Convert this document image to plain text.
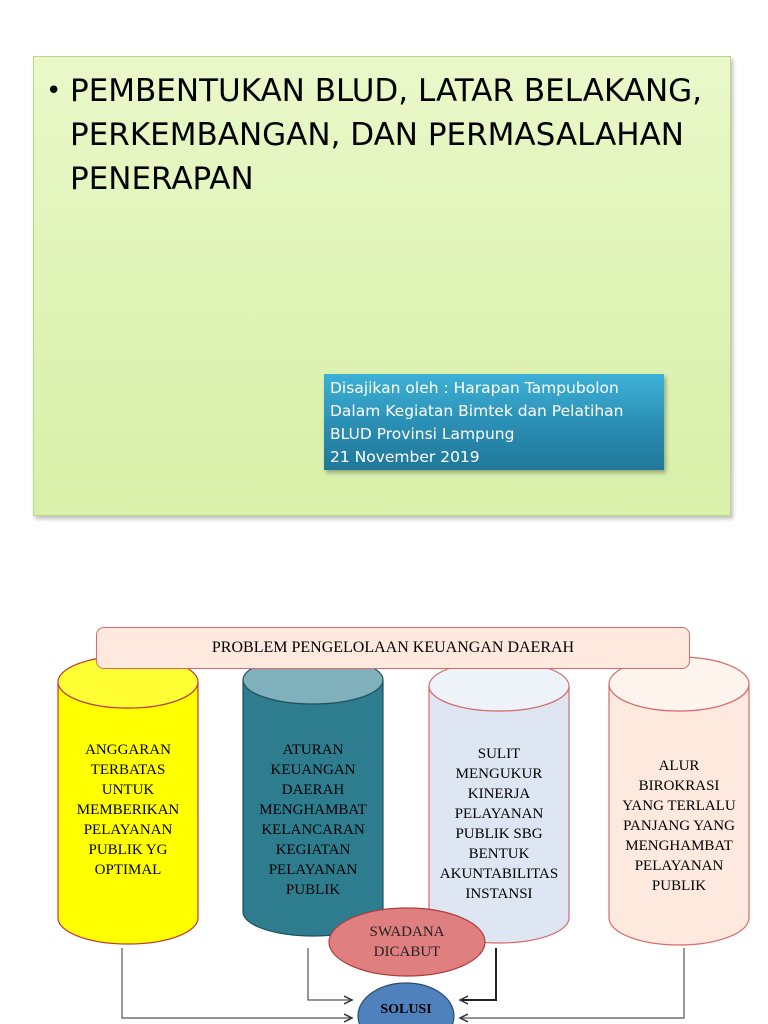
• PEMBENTUKAN BLUD, LATAR BELAKANG,
PERKEMBANGAN, DAN PERMASALAHAN
PENERAPAN
Disajikan oleh : Harapan Tampubolon
Dalam Kegiatan Bimtek dan Pelatihan
BLUD Provinsi Lampung
21 November 2019
PROBLEM PENGELOLAAN KEUANGAN DAERAH
ANGGARAN
TERBATAS
UNTUK
MEMBERIKAN
PELAYANAN
PUBLIK YG
OPTIMAL
ATURAN
KEUANGAN
DAERAH
MENGHAMBAT
KELANCARAN
KEGIATAN
PELAYANAN
PUBLIK
SULIT
MENGUKUR
KINERJA
PELAYANAN
PUBLIK SBG
BENTUK
AKUNTABILITAS
INSTANSI
ALUR
BIROKRASI
YANG TERLALU
PANJANG YANG
MENGHAMBAT
PELAYANAN
PUBLIK
SWADANA
DICABUT
SOLUSI
